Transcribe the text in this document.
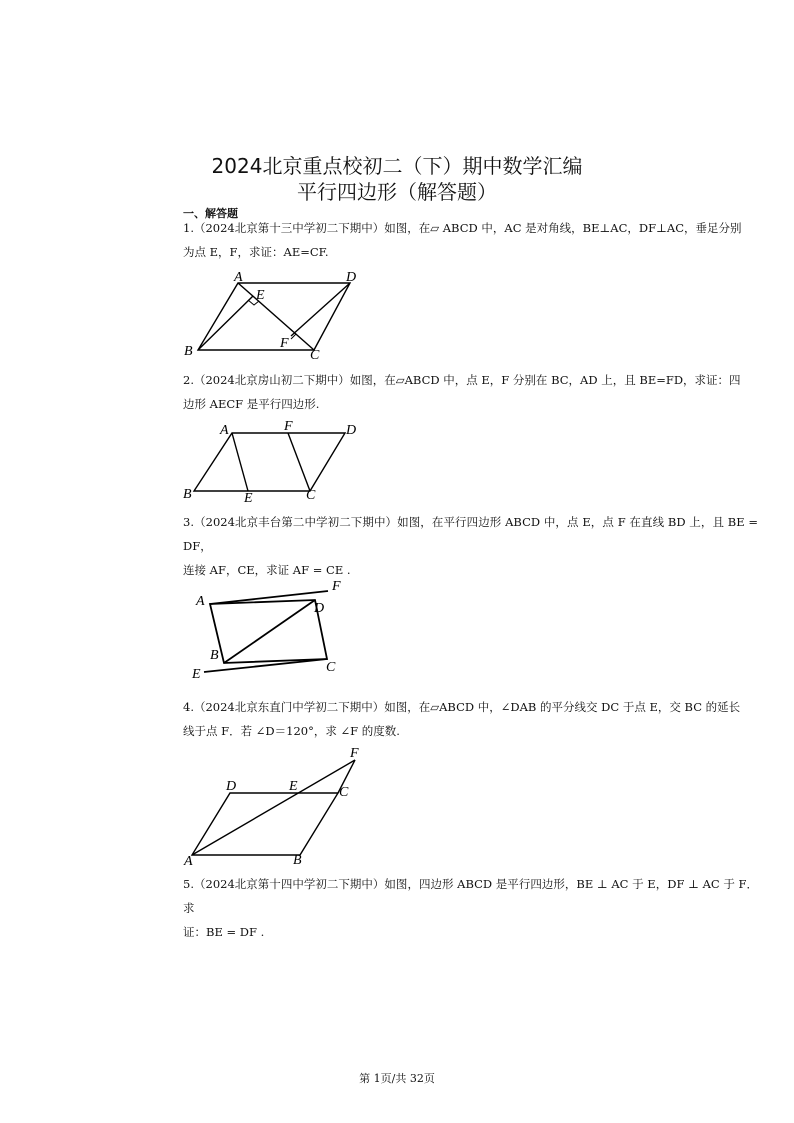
2024北京重点校初二（下）期中数学汇编
平行四边形（解答题）
一、解答题
1.（2024北京第十三中学初二下期中）如图，在▱ ABCD 中，AC 是对角线，BE⊥AC，DF⊥AC，垂足分别
为点 E，F，求证：AE=CF.
A	D
E
B
F
C
2.（2024北京房山初二下期中）如图，在▱ABCD 中，点 E，F 分别在 BC，AD 上，且 BE=FD，求证：四
边形 AECF 是平行四边形.
A	F	D
B	E	C
3.（2024北京丰台第二中学初二下期中）如图，在平行四边形 ABCD 中，点 E，点 F 在直线 BD 上，且 BE = DF，
连接 AF，CE，求证 AF = CE .
A
F
D
B
E	C
4.（2024北京东直门中学初二下期中）如图，在▱ABCD 中，∠DAB 的平分线交 DC 于点 E，交 BC 的延长
线于点 F．若 ∠D＝120°，求 ∠F 的度数.
F
D	E	C
A	B
5.（2024北京第十四中学初二下期中）如图，四边形 ABCD 是平行四边形，BE ⊥ AC 于 E，DF ⊥ AC 于 F．求
证：BE = DF .
第 1页/共 32页
